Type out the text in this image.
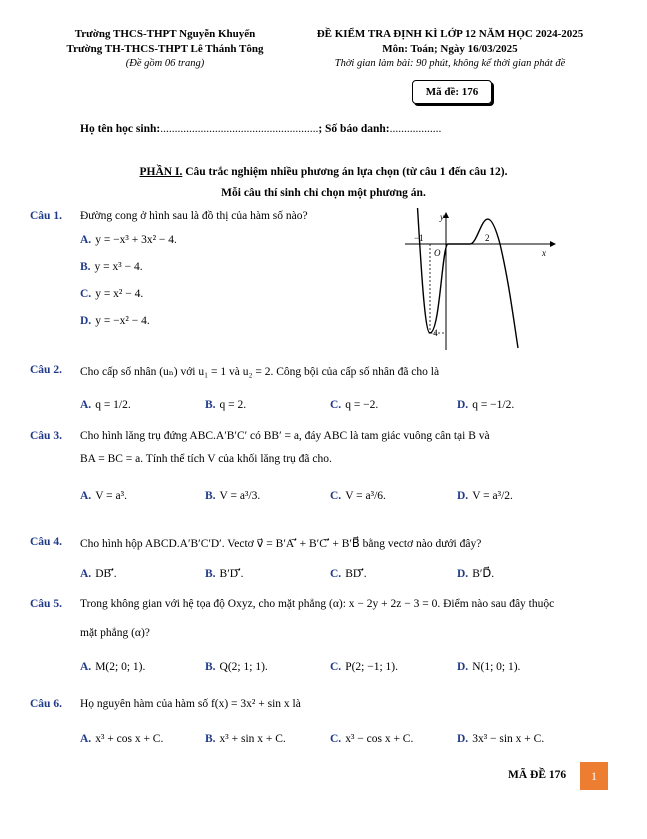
Trường THCS-THPT Nguyễn Khuyến
Trường TH-THCS-THPT Lê Thánh Tông
(Đề gồm 06 trang)
ĐỀ KIỂM TRA ĐỊNH KÌ LỚP 12 NĂM HỌC 2024-2025
Môn: Toán; Ngày 16/03/2025
Thời gian làm bài: 90 phút, không kể thời gian phát đề
Mã đề: 176
Họ tên học sinh:.......................................................; Số báo danh:..................
PHẦN I. Câu trắc nghiệm nhiều phương án lựa chọn (từ câu 1 đến câu 12).
Mỗi câu thí sinh chỉ chọn một phương án.
Câu 1. Đường cong ở hình sau là đồ thị của hàm số nào?
A. y = −x³ + 3x² − 4.
B. y = x³ − 4.
C. y = x² − 4.
D. y = −x² − 4.
y
x
O
−1	2
−4
Câu 2. Cho cấp số nhân (uₙ) với u₁ = 1 và u₂ = 2. Công bội của cấp số nhân đã cho là
A. q = 1/2.	B. q = 2.	C. q = −2.	D. q = −1/2.
Câu 3. Cho hình lăng trụ đứng ABC.A′B′C′ có BB′ = a, đáy ABC là tam giác vuông cân tại B và
BA = BC = a. Tính thể tích V của khối lăng trụ đã cho.
A. V = a³.	B. V = a³/3.	C. V = a³/6.	D. V = a³/2.
Câu 4. Cho hình hộp ABCD.A′B′C′D′. Vectơ v⃗ = B′A′⃗ + B′C′⃗ + B′B⃗ bằng vectơ nào dưới đây?
A. DB′⃗.	B. B′D′⃗.	C. BD′⃗.	D. B′D⃗.
Câu 5. Trong không gian với hệ tọa độ Oxyz, cho mặt phẳng (α): x − 2y + 2z − 3 = 0. Điểm nào sau đây thuộc
mặt phẳng (α)?
A. M(2; 0; 1).	B. Q(2; 1; 1).	C. P(2; −1; 1).	D. N(1; 0; 1).
Câu 6. Họ nguyên hàm của hàm số f(x) = 3x² + sin x là
A. x³ + cos x + C.	B. x³ + sin x + C.	C. x³ − cos x + C.	D. 3x³ − sin x + C.
MÃ ĐỀ 176	1
